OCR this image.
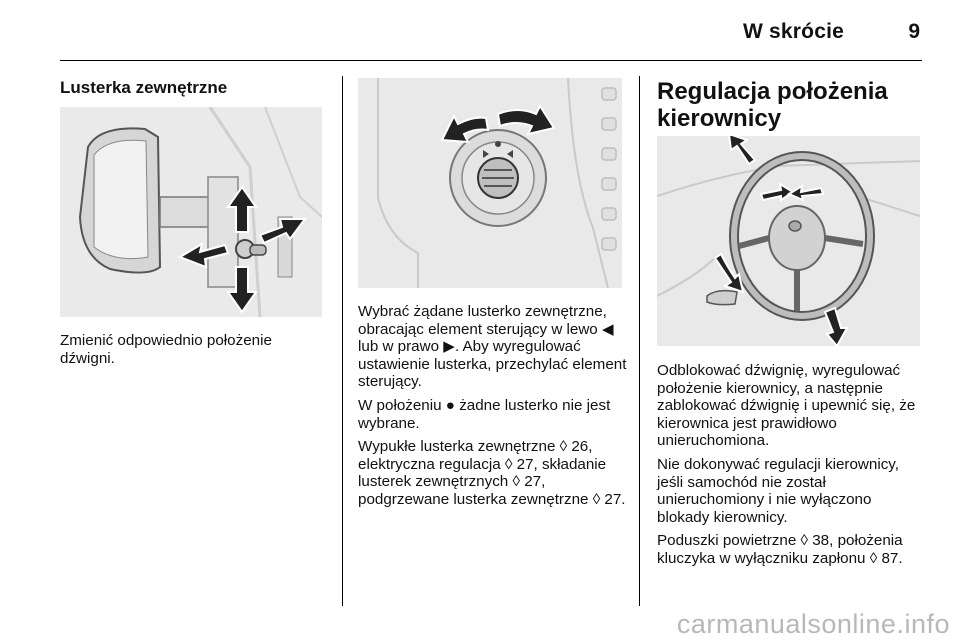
W skrócie	9
Lusterka zewnętrzne

Zmienić odpowiednio położenie dźwigni.

Wybrać żądane lusterko zewnętrzne, obracając element sterujący w lewo ◀ lub w prawo ▶. Aby wyregulować ustawienie lusterka, przechylać element sterujący.

W położeniu ● żadne lusterko nie jest wybrane.

Wypukłe lusterka zewnętrzne ◊ 26, elektryczna regulacja ◊ 27, składanie lusterek zewnętrznych ◊ 27, podgrzewane lusterka zewnętrzne ◊ 27.

Regulacja położenia kierownicy

Odblokować dźwignię, wyregulować położenie kierownicy, a następnie zablokować dźwignię i upewnić się, że kierownica jest prawidłowo unieruchomiona.

Nie dokonywać regulacji kierownicy, jeśli samochód nie został unieruchomiony i nie wyłączono blokady kierownicy.

Poduszki powietrzne ◊ 38, położenia kluczyka w wyłączniku zapłonu ◊ 87.

carmanualsonline.info
